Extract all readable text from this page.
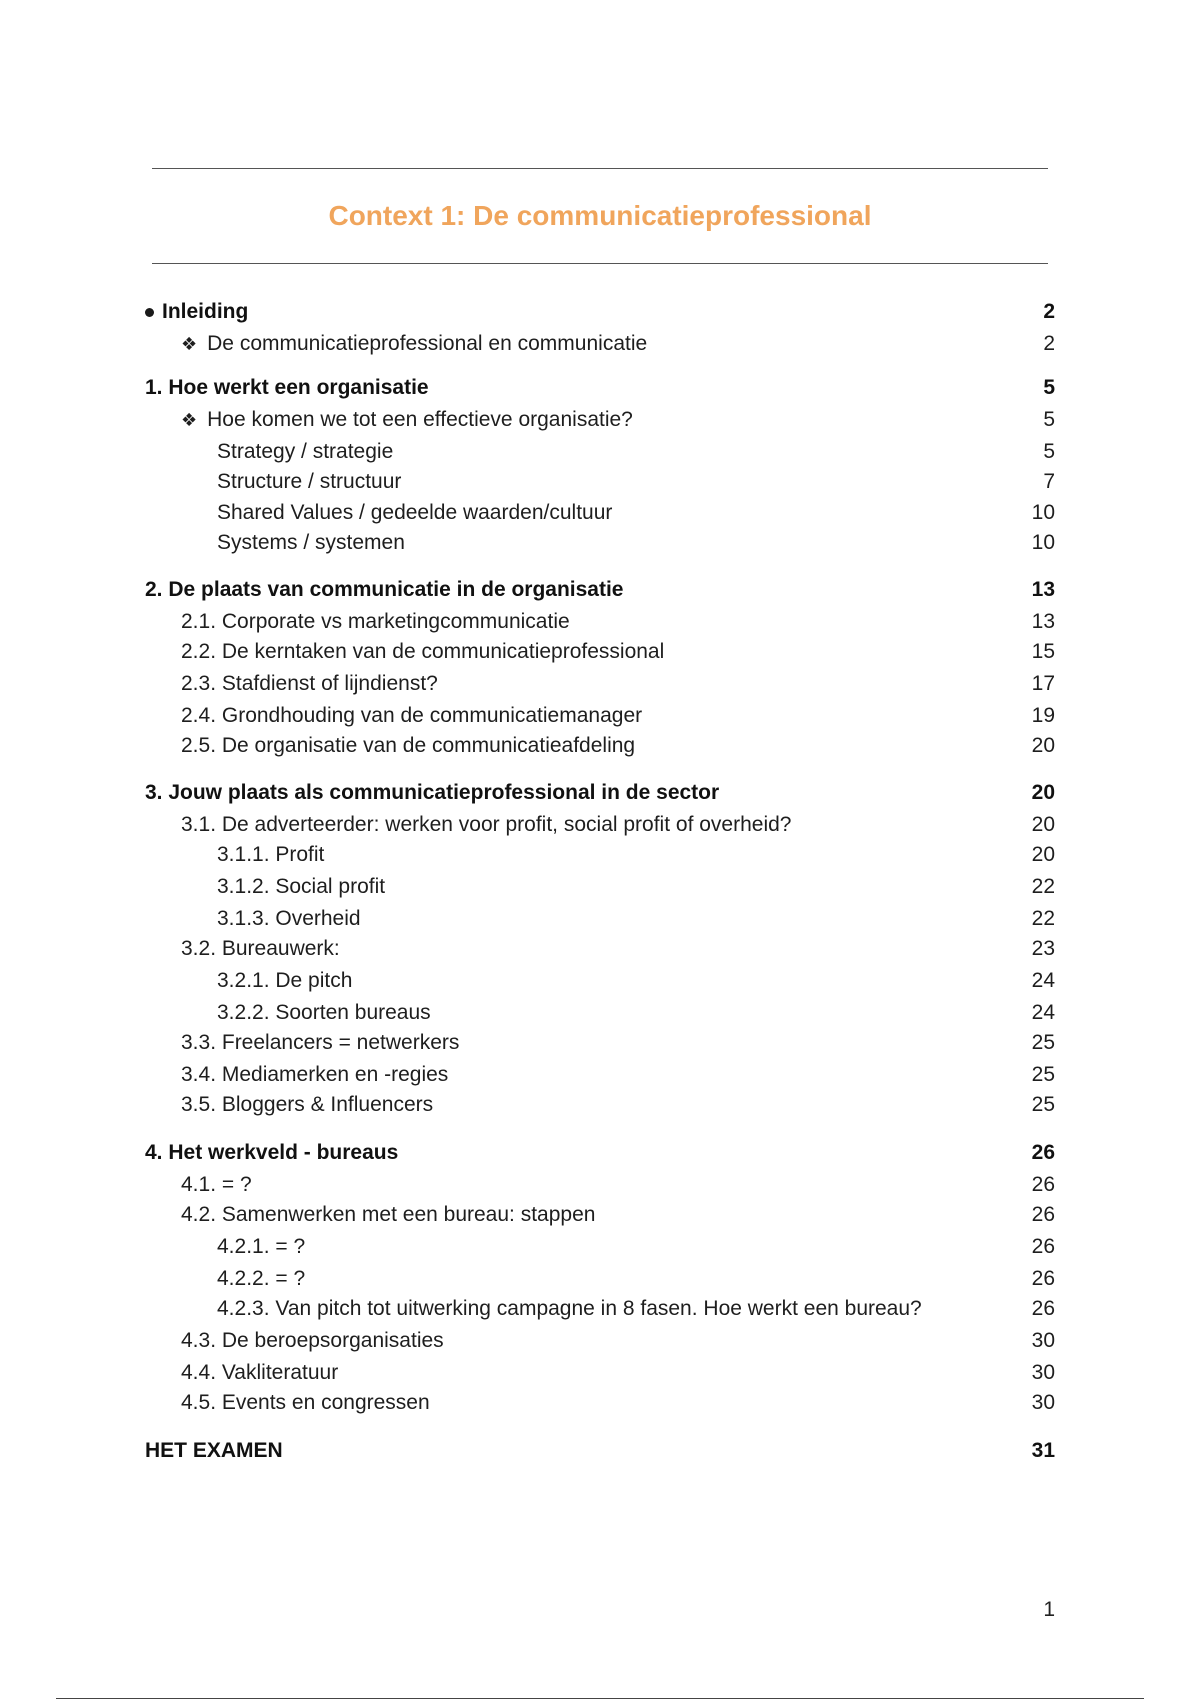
Context 1: De communicatieprofessional
Inleiding	2
❖ De communicatieprofessional en communicatie	2
1. Hoe werkt een organisatie	5
❖ Hoe komen we tot een effectieve organisatie?	5
Strategy / strategie	5
Structure / structuur	7
Shared Values / gedeelde waarden/cultuur	10
Systems / systemen	10
2. De plaats van communicatie in de organisatie	13
2.1. Corporate vs marketingcommunicatie	13
2.2. De kerntaken van de communicatieprofessional	15
2.3. Stafdienst of lijndienst?	17
2.4. Grondhouding van de communicatiemanager	19
2.5. De organisatie van de communicatieafdeling	20
3. Jouw plaats als communicatieprofessional in de sector	20
3.1. De adverteerder: werken voor profit, social profit of overheid?	20
3.1.1. Profit	20
3.1.2. Social profit	22
3.1.3. Overheid	22
3.2. Bureauwerk:	23
3.2.1. De pitch	24
3.2.2. Soorten bureaus	24
3.3. Freelancers = netwerkers	25
3.4. Mediamerken en -regies	25
3.5. Bloggers & Influencers	25
4. Het werkveld - bureaus	26
4.1. = ?	26
4.2. Samenwerken met een bureau: stappen	26
4.2.1. = ?	26
4.2.2. = ?	26
4.2.3. Van pitch tot uitwerking campagne in 8 fasen. Hoe werkt een bureau?	26
4.3. De beroepsorganisaties	30
4.4. Vakliteratuur	30
4.5. Events en congressen	30
HET EXAMEN	31
1
